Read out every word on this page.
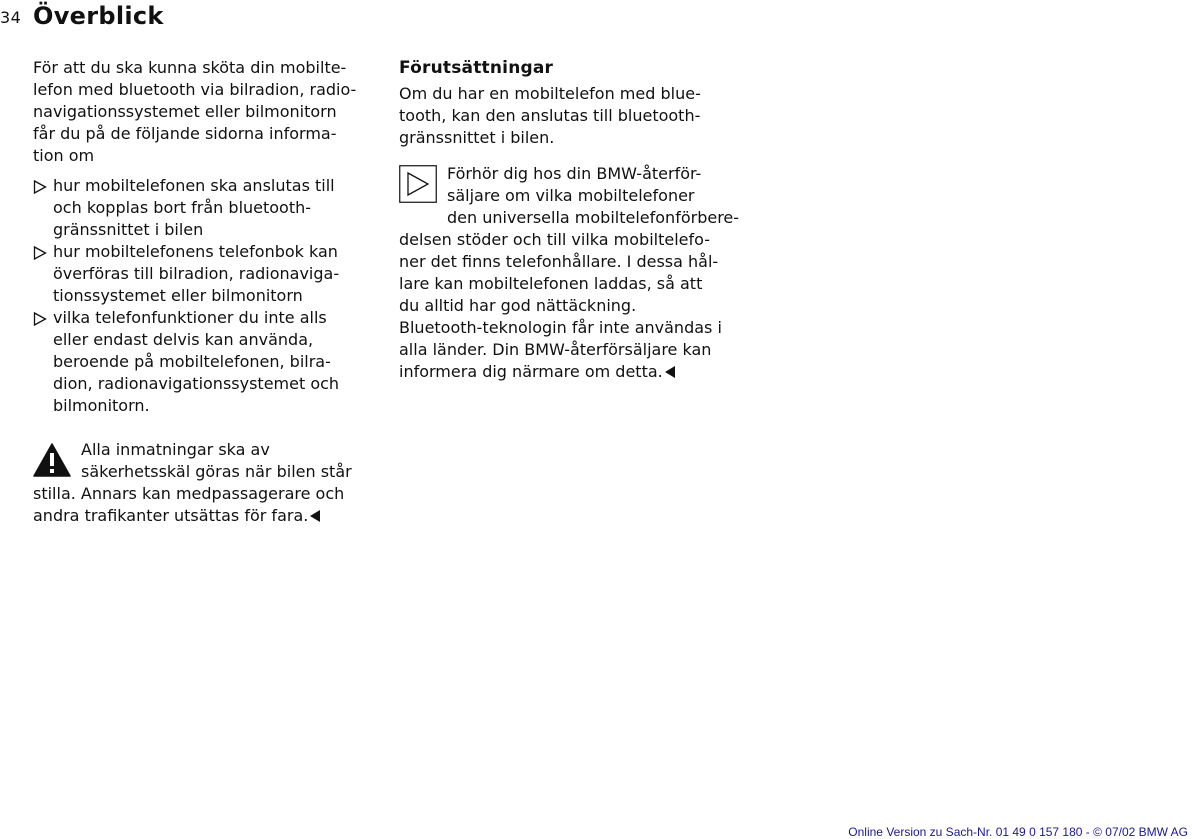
34 Överblick

För att du ska kunna sköta din mobilte-
lefon med bluetooth via bilradion, radio-
navigationssystemet eller bilmonitorn
får du på de följande sidorna informa-
tion om

hur mobiltelefonen ska anslutas till
och kopplas bort från bluetooth-
gränssnittet i bilen
hur mobiltelefonens telefonbok kan
överföras till bilradion, radionaviga-
tionssystemet eller bilmonitorn
vilka telefonfunktioner du inte alls
eller endast delvis kan använda,
beroende på mobiltelefonen, bilra-
dion, radionavigationssystemet och
bilmonitorn.
Alla inmatningar ska av
säkerhetsskäl göras när bilen står
stilla. Annars kan medpassagerare och
andra trafikanter utsättas för fara.
Förutsättningar

Om du har en mobiltelefon med blue-
tooth, kan den anslutas till bluetooth-
gränssnittet i bilen.

Förhör dig hos din BMW-återför-
säljare om vilka mobiltelefoner
den universella mobiltelefonförbere-
delsen stöder och till vilka mobiltelefo-
ner det finns telefonhållare. I dessa hål-
lare kan mobiltelefonen laddas, så att
du alltid har god nättäckning.
Bluetooth-teknologin får inte användas i
alla länder. Din BMW-återförsäljare kan
informera dig närmare om detta.
Online Version zu Sach-Nr. 01 49 0 157 180 - © 07/02 BMW AG
